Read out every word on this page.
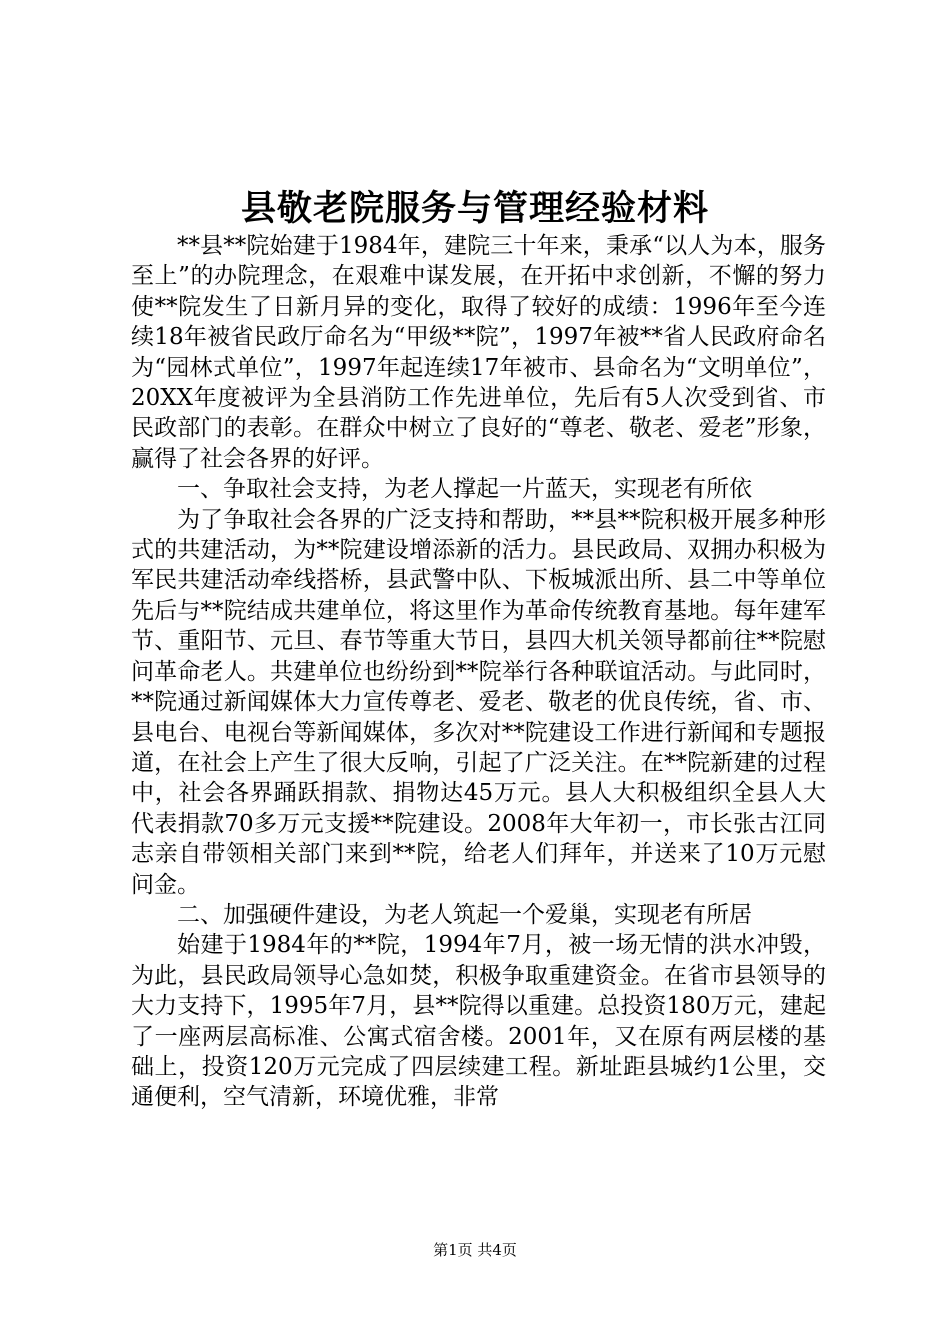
县敬老院服务与管理经验材料

**县**院始建于1984年，建院三十年来，秉承“以人为本，服务至上”的办院理念，在艰难中谋发展，在开拓中求创新，不懈的努力使**院发生了日新月异的变化，取得了较好的成绩：1996年至今连续18年被省民政厅命名为“甲级**院”，1997年被**省人民政府命名为“园林式单位”，1997年起连续17年被市、县命名为“文明单位”，20XX年度被评为全县消防工作先进单位，先后有5人次受到省、市民政部门的表彰。在群众中树立了良好的“尊老、敬老、爱老”形象，赢得了社会各界的好评。

一、争取社会支持，为老人撑起一片蓝天，实现老有所依

为了争取社会各界的广泛支持和帮助，**县**院积极开展多种形式的共建活动，为**院建设增添新的活力。县民政局、双拥办积极为军民共建活动牵线搭桥，县武警中队、下板城派出所、县二中等单位先后与**院结成共建单位，将这里作为革命传统教育基地。每年建军节、重阳节、元旦、春节等重大节日，县四大机关领导都前往**院慰问革命老人。共建单位也纷纷到**院举行各种联谊活动。与此同时，**院通过新闻媒体大力宣传尊老、爱老、敬老的优良传统，省、市、县电台、电视台等新闻媒体，多次对**院建设工作进行新闻和专题报道，在社会上产生了很大反响，引起了广泛关注。在**院新建的过程中，社会各界踊跃捐款、捐物达45万元。县人大积极组织全县人大代表捐款70多万元支援**院建设。2008年大年初一，市长张古江同志亲自带领相关部门来到**院，给老人们拜年，并送来了10万元慰问金。

二、加强硬件建设，为老人筑起一个爱巢，实现老有所居

始建于1984年的**院，1994年7月，被一场无情的洪水冲毁，为此，县民政局领导心急如焚，积极争取重建资金。在省市县领导的大力支持下，1995年7月，县**院得以重建。总投资180万元，建起了一座两层高标准、公寓式宿舍楼。2001年，又在原有两层楼的基础上，投资120万元完成了四层续建工程。新址距县城约1公里，交通便利，空气清新，环境优雅，非常

第1页 共4页
